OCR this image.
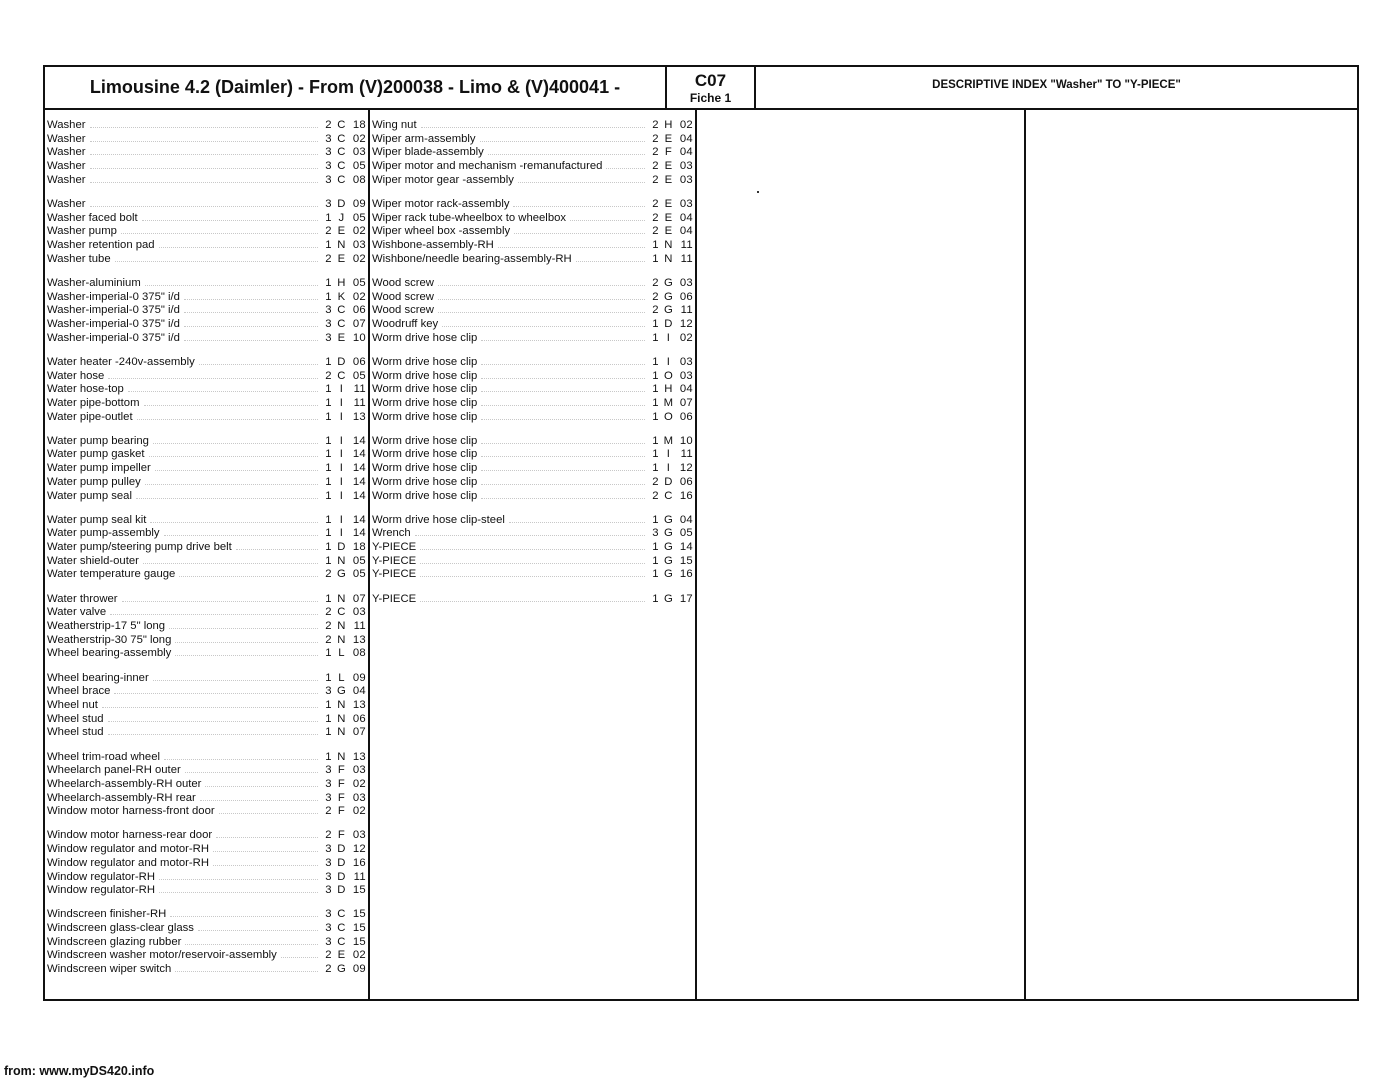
Limousine 4.2 (Daimler) - From (V)200038 - Limo & (V)400041 -	C07
Fiche 1
DESCRIPTIVE INDEX "Washer" TO "Y-PIECE"
Washer	2 C 18
Washer	3 C 02
Washer	3 C 03
Washer	3 C 05
Washer	3 C 08
Washer	3 D 09
Washer faced bolt	1 J 05
Washer pump	2 E 02
Washer retention pad	1 N 03
Washer tube	2 E 02
Washer-aluminium	1 H 05
Washer-imperial-0 375" i/d	1 K 02
Washer-imperial-0 375" i/d	3 C 06
Washer-imperial-0 375" i/d	3 C 07
Washer-imperial-0 375" i/d	3 E 10
Water heater -240v-assembly	1 D 06
Water hose	2 C 05
Water hose-top	1 I 11
Water pipe-bottom	1 I 11
Water pipe-outlet	1 I 13
Water pump bearing	1 I 14
Water pump gasket	1 I 14
Water pump impeller	1 I 14
Water pump pulley	1 I 14
Water pump seal	1 I 14
Water pump seal kit	1 I 14
Water pump-assembly	1 I 14
Water pump/steering pump drive belt	1 D 18
Water shield-outer	1 N 05
Water temperature gauge	2 G 05
Water thrower	1 N 07
Water valve	2 C 03
Weatherstrip-17 5" long	2 N 11
Weatherstrip-30 75" long	2 N 13
Wheel bearing-assembly	1 L 08
Wheel bearing-inner	1 L 09
Wheel brace	3 G 04
Wheel nut	1 N 13
Wheel stud	1 N 06
Wheel stud	1 N 07
Wheel trim-road wheel	1 N 13
Wheelarch panel-RH outer	3 F 03
Wheelarch-assembly-RH outer	3 F 02
Wheelarch-assembly-RH rear	3 F 03
Window motor harness-front door	2 F 02
Window motor harness-rear door	2 F 03
Window regulator and motor-RH	3 D 12
Window regulator and motor-RH	3 D 16
Window regulator-RH	3 D 11
Window regulator-RH	3 D 15
Windscreen finisher-RH	3 C 15
Windscreen glass-clear glass	3 C 15
Windscreen glazing rubber	3 C 15
Windscreen washer motor/reservoir-assembly	2 E 02
Windscreen wiper switch	2 G 09
Wing nut	2 H 02
Wiper arm-assembly	2 E 04
Wiper blade-assembly	2 F 04
Wiper motor and mechanism -remanufactured	2 E 03
Wiper motor gear -assembly	2 E 03
Wiper motor rack-assembly	2 E 03
Wiper rack tube-wheelbox to wheelbox	2 E 04
Wiper wheel box -assembly	2 E 04
Wishbone-assembly-RH	1 N 11
Wishbone/needle bearing-assembly-RH	1 N 11
Wood screw	2 G 03
Wood screw	2 G 06
Wood screw	2 G 11
Woodruff key	1 D 12
Worm drive hose clip	1 I 02
Worm drive hose clip	1 I 03
Worm drive hose clip	1 O 03
Worm drive hose clip	1 H 04
Worm drive hose clip	1 M 07
Worm drive hose clip	1 O 06
Worm drive hose clip	1 M 10
Worm drive hose clip	1 I 11
Worm drive hose clip	1 I 12
Worm drive hose clip	2 D 06
Worm drive hose clip	2 C 16
Worm drive hose clip-steel	1 G 04
Wrench	3 G 05
Y-PIECE	1 G 14
Y-PIECE	1 G 15
Y-PIECE	1 G 16
Y-PIECE	1 G 17
from: www.myDS420.info
